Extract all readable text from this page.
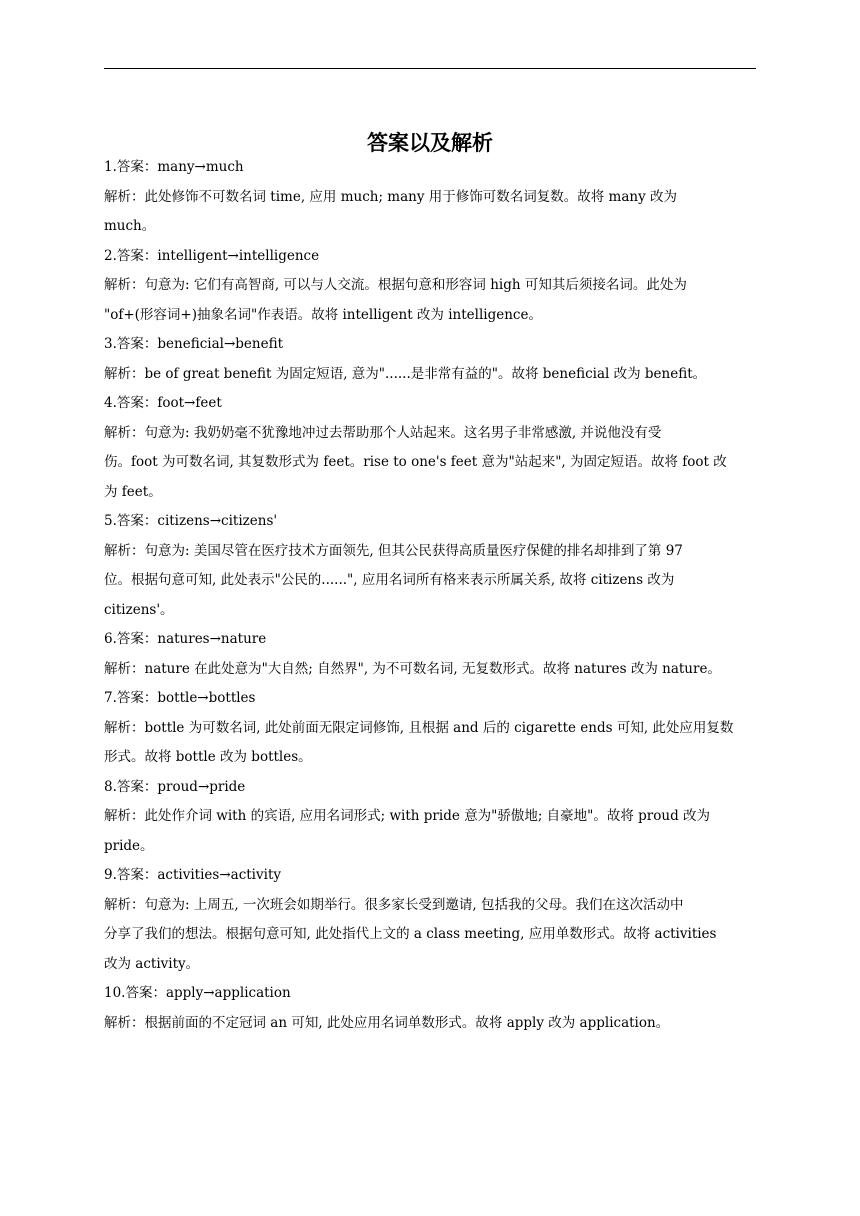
答案以及解析
1.答案：many→much
解析：此处修饰不可数名词 time, 应用 much; many 用于修饰可数名词复数。故将 many 改为
much。
2.答案：intelligent→intelligence
解析：句意为: 它们有高智商, 可以与人交流。根据句意和形容词 high 可知其后须接名词。此处为
"of+(形容词+)抽象名词"作表语。故将 intelligent 改为 intelligence。
3.答案：beneficial→benefit
解析：be of great benefit 为固定短语, 意为"......是非常有益的"。故将 beneficial 改为 benefit。
4.答案：foot→feet
解析：句意为: 我奶奶毫不犹豫地冲过去帮助那个人站起来。这名男子非常感激, 并说他没有受
伤。foot 为可数名词, 其复数形式为 feet。rise to one's feet 意为"站起来", 为固定短语。故将 foot 改
为 feet。
5.答案：citizens→citizens'
解析：句意为: 美国尽管在医疗技术方面领先, 但其公民获得高质量医疗保健的排名却排到了第 97
位。根据句意可知, 此处表示"公民的......", 应用名词所有格来表示所属关系, 故将 citizens 改为
citizens'。
6.答案：natures→nature
解析：nature 在此处意为"大自然; 自然界", 为不可数名词, 无复数形式。故将 natures 改为 nature。
7.答案：bottle→bottles
解析：bottle 为可数名词, 此处前面无限定词修饰, 且根据 and 后的 cigarette ends 可知, 此处应用复数
形式。故将 bottle 改为 bottles。
8.答案：proud→pride
解析：此处作介词 with 的宾语, 应用名词形式; with pride 意为"骄傲地; 自豪地"。故将 proud 改为
pride。
9.答案：activities→activity
解析：句意为: 上周五, 一次班会如期举行。很多家长受到邀请, 包括我的父母。我们在这次活动中
分享了我们的想法。根据句意可知, 此处指代上文的 a class meeting, 应用单数形式。故将 activities
改为 activity。
10.答案：apply→application
解析：根据前面的不定冠词 an 可知, 此处应用名词单数形式。故将 apply 改为 application。
